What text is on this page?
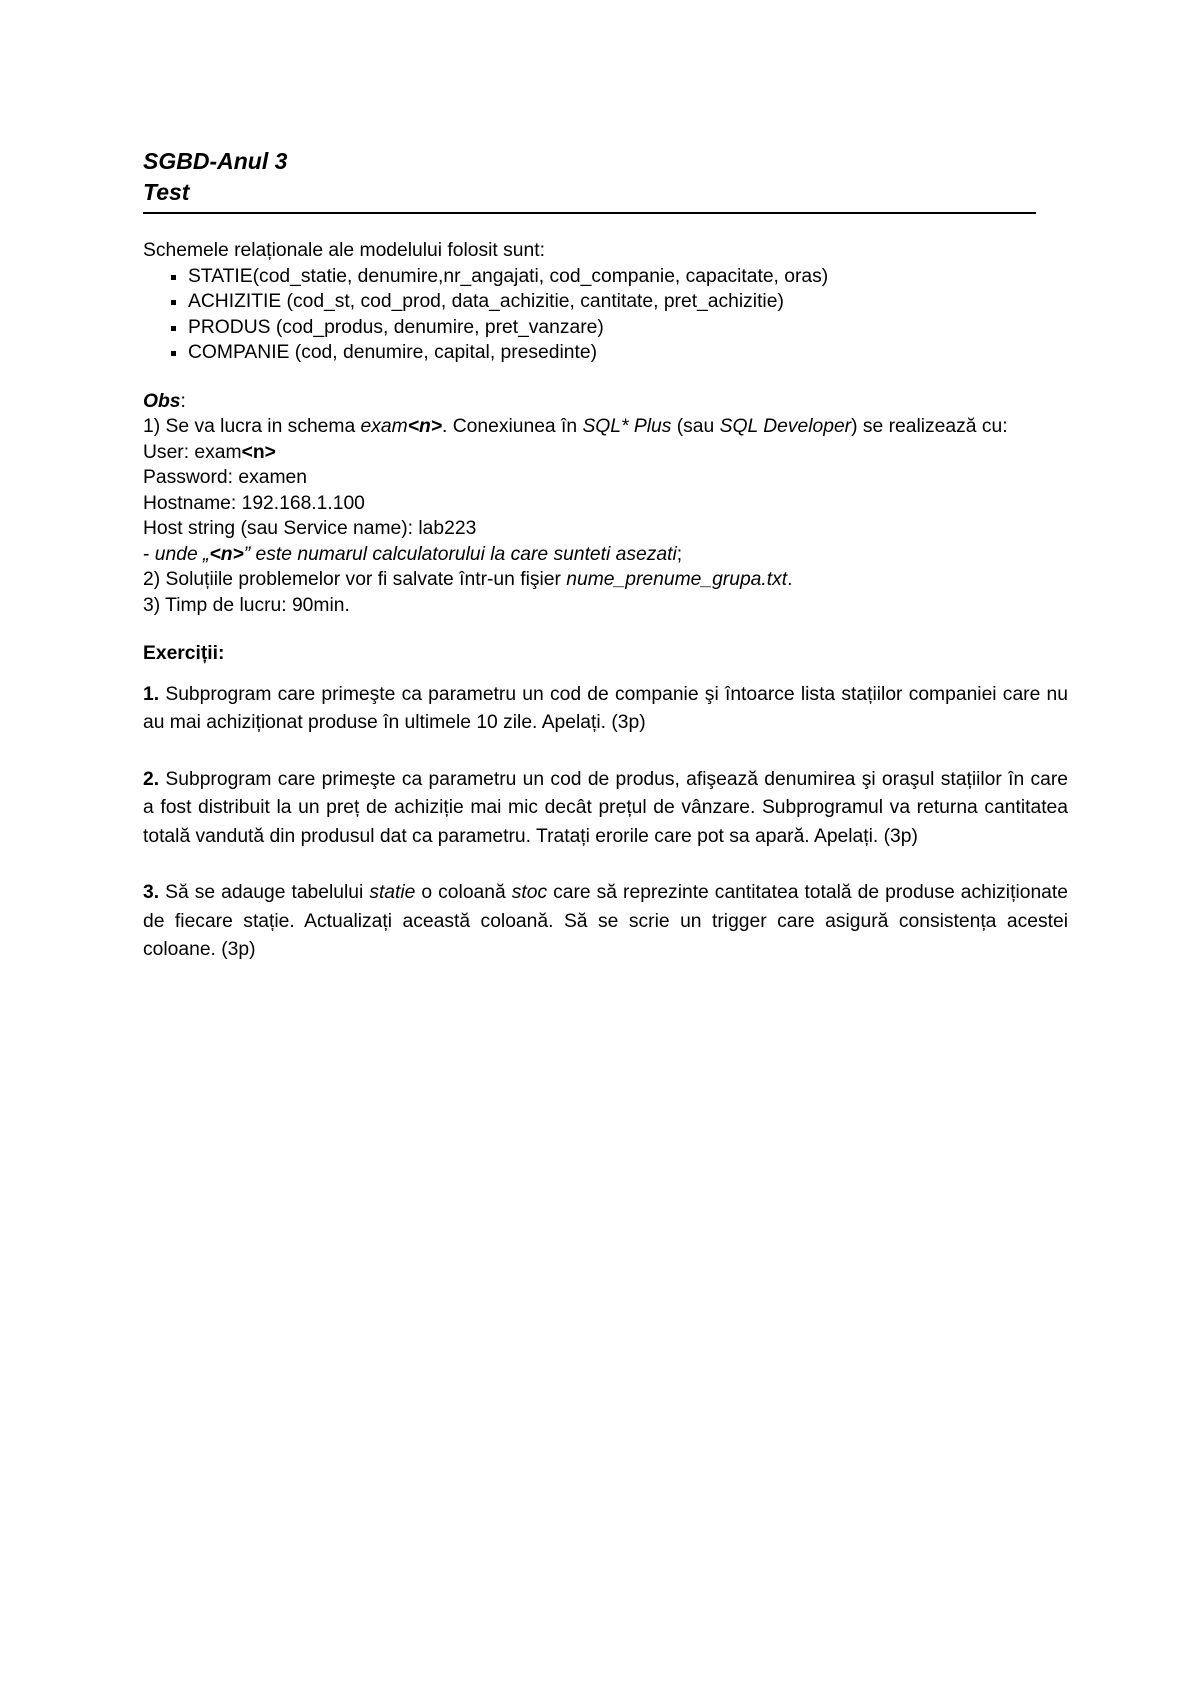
SGBD-Anul 3
Test

Schemele relaționale ale modelului folosit sunt:

STATIE(cod_statie, denumire,nr_angajati, cod_companie, capacitate, oras)
ACHIZITIE (cod_st, cod_prod, data_achizitie, cantitate, pret_achizitie)
PRODUS (cod_produs, denumire, pret_vanzare)
COMPANIE (cod, denumire, capital, presedinte)

Obs:

1) Se va lucra in schema exam<n>. Conexiunea în SQL* Plus (sau SQL Developer) se realizează cu:

User: exam<n>

Password: examen

Hostname: 192.168.1.100

Host string (sau Service name): lab223

- unde „<n>” este numarul calculatorului la care sunteti asezati;

2) Soluțiile problemelor vor fi salvate într-un fişier nume_prenume_grupa.txt.

3) Timp de lucru: 90min.

Exerciții:

1. Subprogram care primeşte ca parametru un cod de companie şi întoarce lista stațiilor companiei care nu au mai achiziționat produse în ultimele 10 zile. Apelați. (3p)

2. Subprogram care primeşte ca parametru un cod de produs, afişează denumirea şi oraşul stațiilor în care a fost distribuit la un preț de achiziție mai mic decât prețul de vânzare. Subprogramul va returna cantitatea totală vandută din produsul dat ca parametru. Tratați erorile care pot sa apară. Apelați. (3p)

3. Să se adauge tabelului statie o coloană stoc care să reprezinte cantitatea totală de produse achiziționate de fiecare stație. Actualizați această coloană. Să se scrie un trigger care asigură consistența acestei coloane. (3p)
